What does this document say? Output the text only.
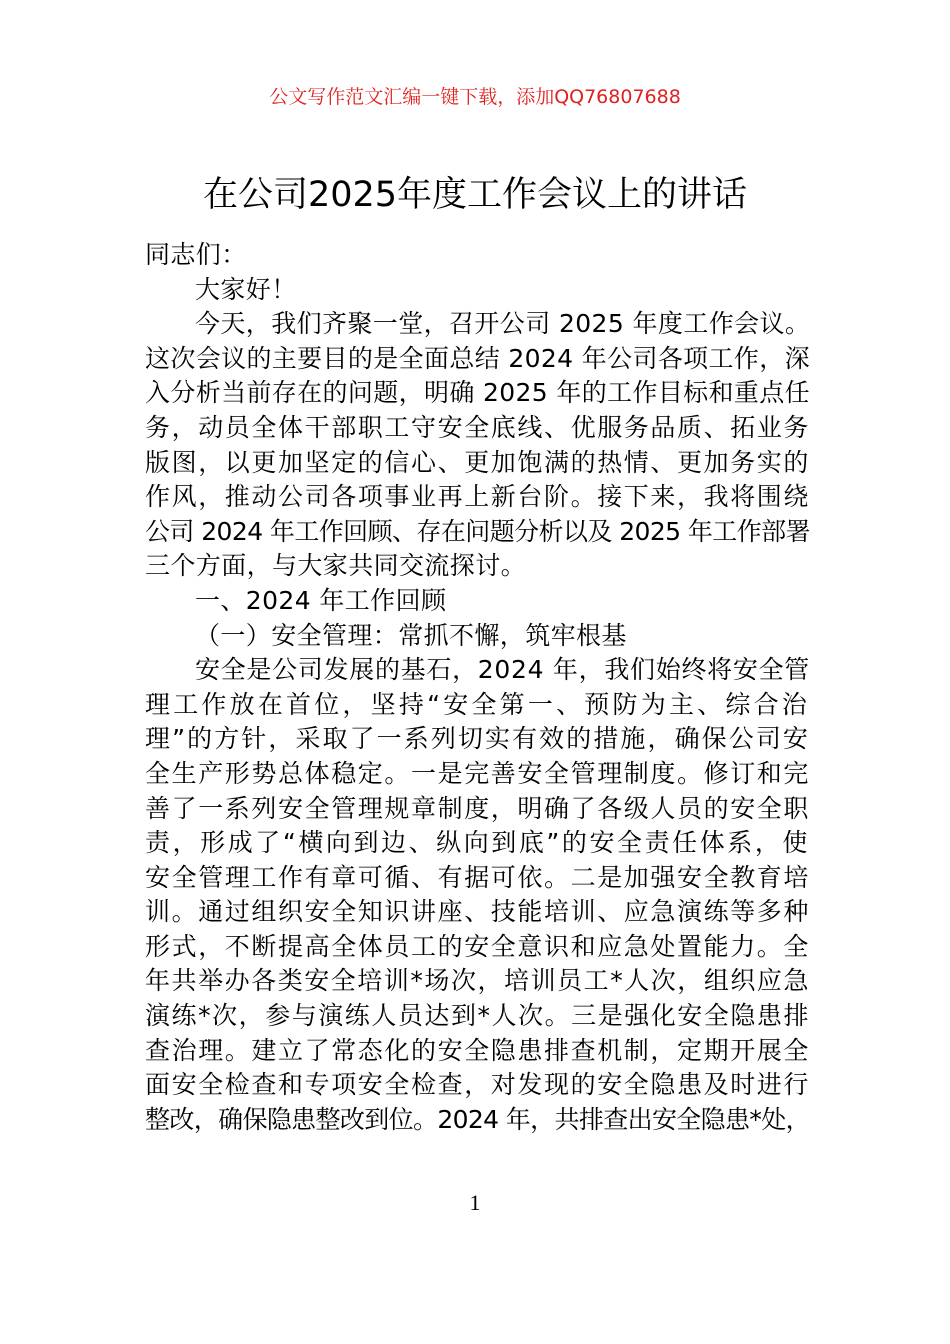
公文写作范文汇编一键下载，添加QQ76807688
在公司2025年度工作会议上的讲话
同志们：
大家好！
今天，我们齐聚一堂，召开公司 2025 年度工作会议。
这次会议的主要目的是全面总结 2024 年公司各项工作，深
入分析当前存在的问题，明确 2025 年的工作目标和重点任
务，动员全体干部职工守安全底线、优服务品质、拓业务
版图，以更加坚定的信心、更加饱满的热情、更加务实的
作风，推动公司各项事业再上新台阶。接下来，我将围绕
公司 2024 年工作回顾、存在问题分析以及 2025 年工作部署
三个方面，与大家共同交流探讨。
一、2024 年工作回顾
（一）安全管理：常抓不懈，筑牢根基
安全是公司发展的基石，2024 年，我们始终将安全管
理工作放在首位，坚持“安全第一、预防为主、综合治
理”的方针，采取了一系列切实有效的措施，确保公司安
全生产形势总体稳定。一是完善安全管理制度。修订和完
善了一系列安全管理规章制度，明确了各级人员的安全职
责，形成了“横向到边、纵向到底”的安全责任体系，使
安全管理工作有章可循、有据可依。二是加强安全教育培
训。通过组织安全知识讲座、技能培训、应急演练等多种
形式，不断提高全体员工的安全意识和应急处置能力。全
年共举办各类安全培训*场次，培训员工*人次，组织应急
演练*次，参与演练人员达到*人次。三是强化安全隐患排
查治理。建立了常态化的安全隐患排查机制，定期开展全
面安全检查和专项安全检查，对发现的安全隐患及时进行
整改，确保隐患整改到位。2024 年，共排查出安全隐患*处，
1
